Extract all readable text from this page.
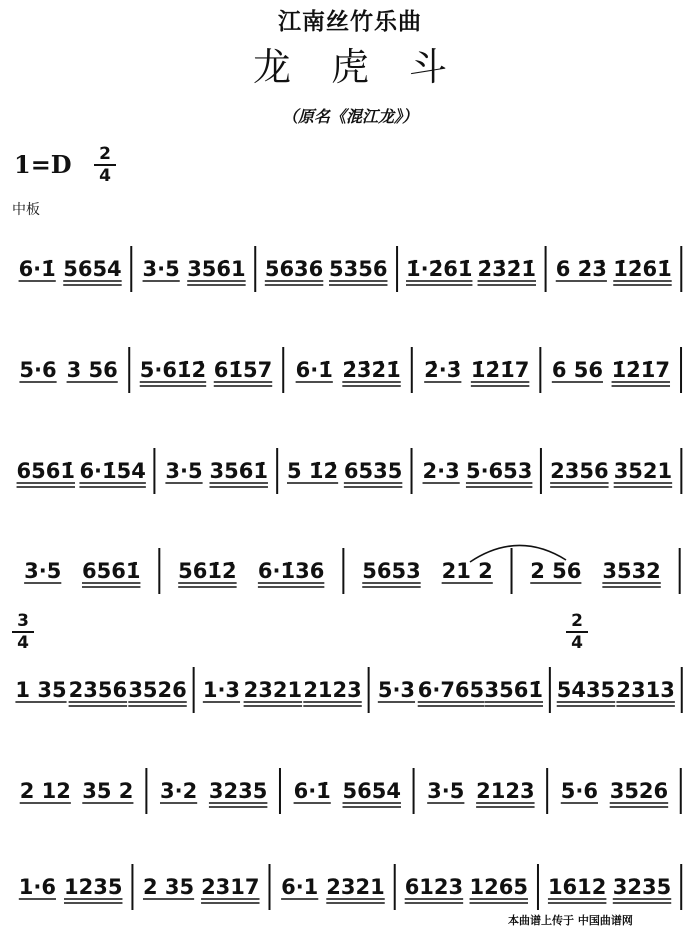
江南丝竹乐曲
龙虎斗
（原名《混江龙》）
1=D 2
4
中板
3
4
2
4
6·1̇ 5654 3·5 356̇1 5636 5356 1̇·2̇61̇ 2̇3̇2̇1̇ 6 2̇3̇ 1̇2̇61̇
5·6 3 56 5·61̇2̇ 61̇57 6·1̇ 2̇3̇2̇1̇ 2̇·3̇ 1̇2̇1̇7 6 56 1̇2̇1̇7
6561̇ 6·1̇54 3·5 3561̇ 5 1̇2̇ 6535 2·3 5·653 2356 3521
3·5 6561̇ 561̇2̇ 6·1̇36 5653 21 2 2 56 3532
1 35 2356 3526 1·3 2321 2123 5·3 6·765 3561̇ 5435 2313
2 12 35 2 3·2 3235 6·1̇ 5654 3·5 2123 5·6 3526
1·6 1235 2 35 2317 6·1 2321 6123 1265 1612 3235
本曲谱上传于 中国曲谱网
